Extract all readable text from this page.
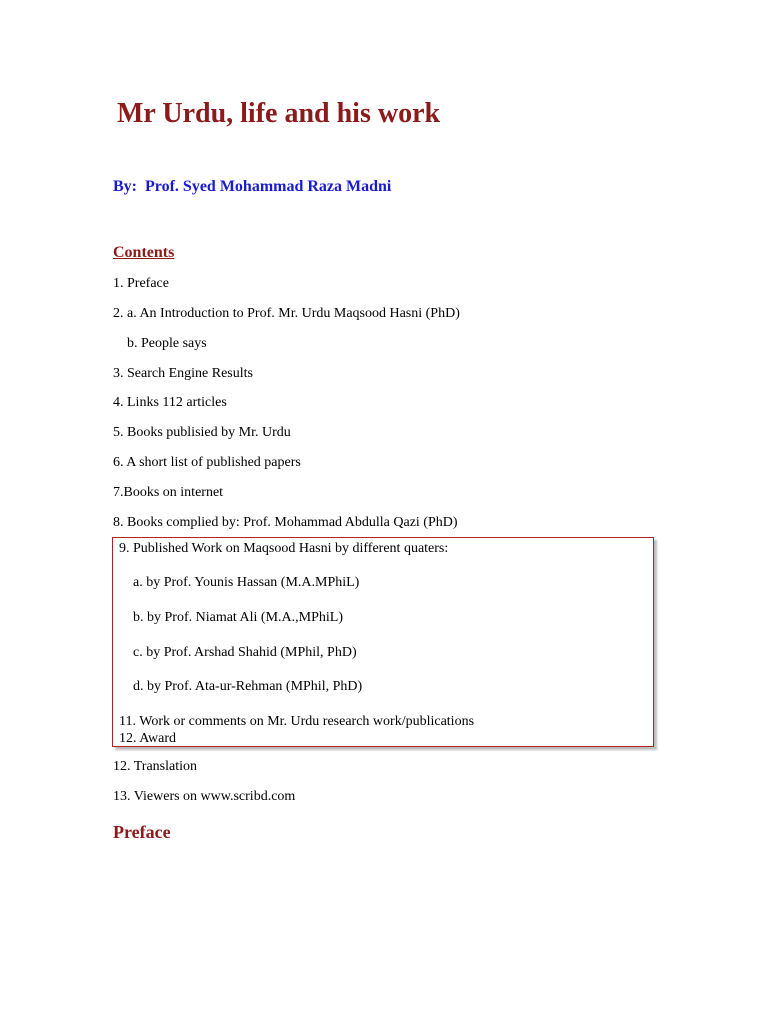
Mr Urdu, life and his work

By: Prof. Syed Mohammad Raza Madni

Contents
1. Preface
2. a. An Introduction to Prof. Mr. Urdu Maqsood Hasni (PhD)
b. People says
3. Search Engine Results
4. Links 112 articles
5. Books publisied by Mr. Urdu
6. A short list of published papers
7.Books on internet
8. Books complied by: Prof. Mohammad Abdulla Qazi (PhD)
9. Published Work on Maqsood Hasni by different quaters:
a. by Prof. Younis Hassan (M.A.MPhiL)
b. by Prof. Niamat Ali (M.A.,MPhiL)
c. by Prof. Arshad Shahid (MPhil, PhD)
d. by Prof. Ata-ur-Rehman (MPhil, PhD)
11. Work or comments on Mr. Urdu research work/publications
12. Award
12. Translation
13. Viewers on www.scribd.com
Preface
